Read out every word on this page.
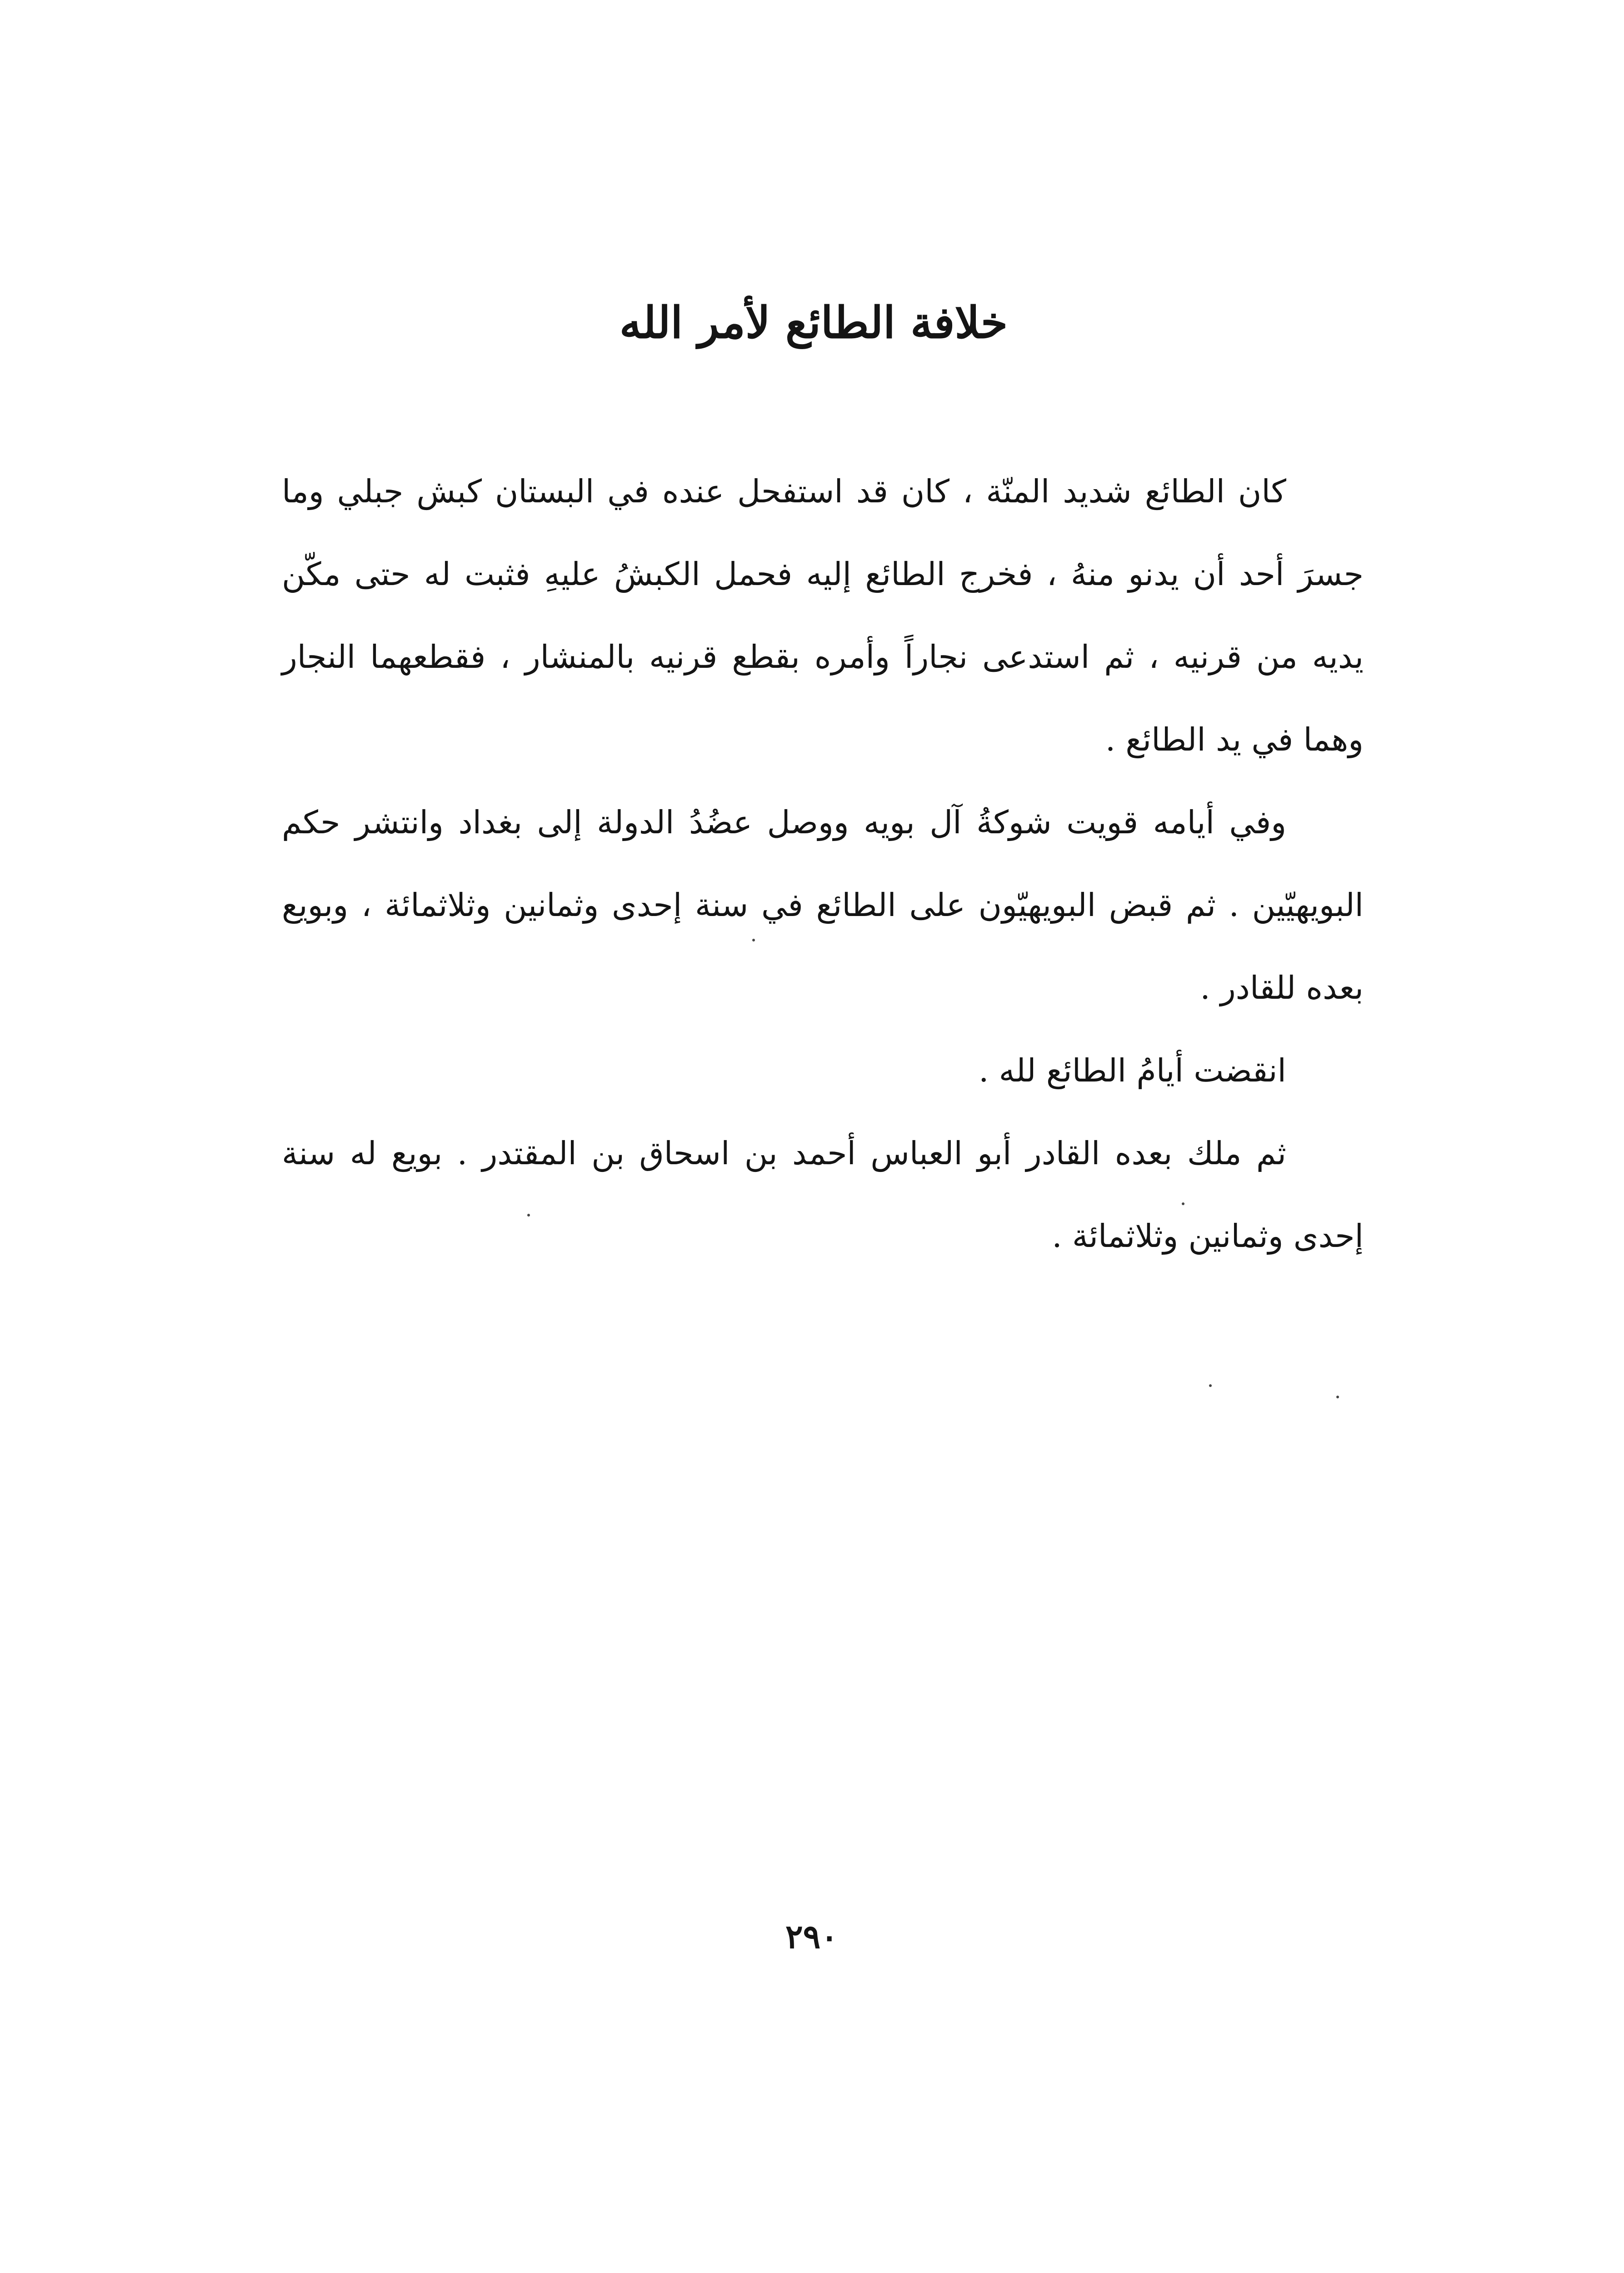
خلافة الطائع لأمر الله

كان الطائع شديد المنّة ، كان قد استفحل عنده في البستان كبش جبلي وما جسرَ أحد أن يدنو منهُ ، فخرج الطائع إليه فحمل الكبشُ عليهِ فثبت له حتى مكّن يديه من قرنيه ، ثم استدعى نجاراً وأمره بقطع قرنيه بالمنشار ، فقطعهما النجار وهما في يد الطائع .

وفي أيامه قويت شوكةُ آل بويه ووصل عضُدُ الدولة إلى بغداد وانتشر حكم البويهيّين . ثم قبض البويهيّون على الطائع في سنة إحدى وثمانين وثلاثمائة ، وبويع بعده للقادر .

انقضت أيامُ الطائع لله .

ثم ملك بعده القادر أبو العباس أحمد بن اسحاق بن المقتدر . بويع له سنة إحدى وثمانين وثلاثمائة .

٢٩٠
